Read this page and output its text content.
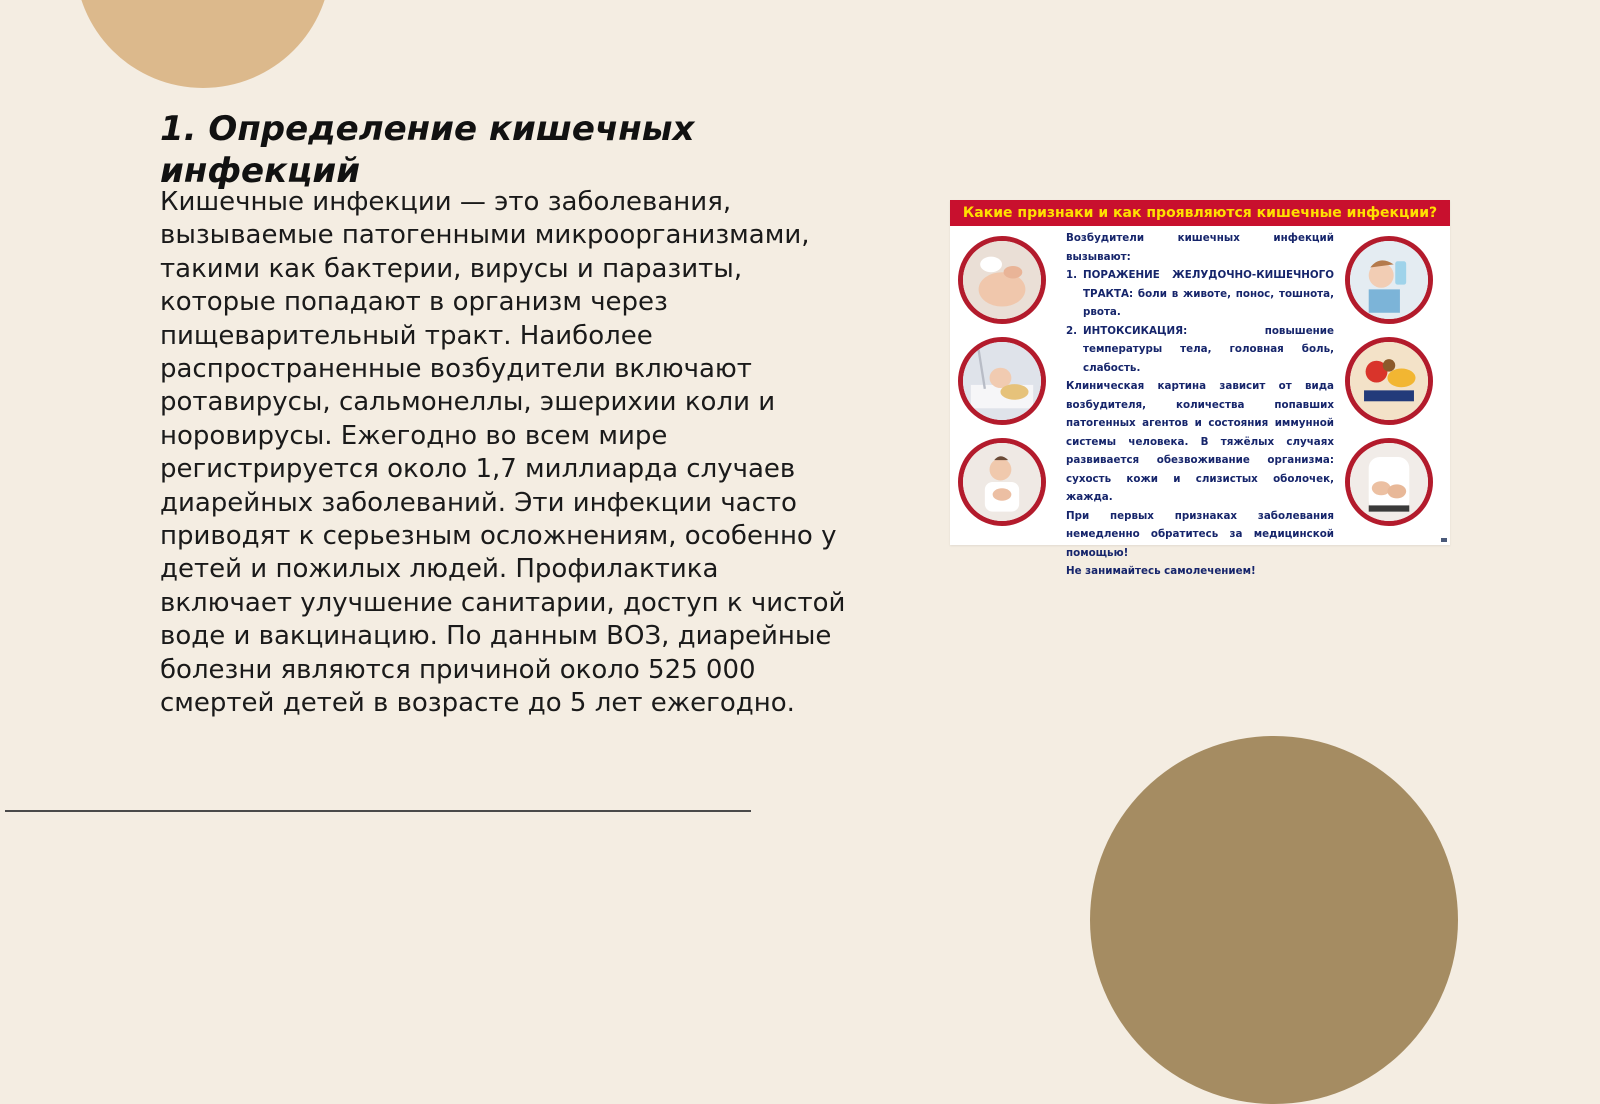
1. Определение кишечных инфекций

Кишечные инфекции — это заболевания, вызываемые патогенными микроорганизмами, такими как бактерии, вирусы и паразиты, которые попадают в организм через пищеварительный тракт. Наиболее распространенные возбудители включают ротавирусы, сальмонеллы, эшерихии коли и норовирусы. Ежегодно во всем мире регистрируется около 1,7 миллиарда случаев диарейных заболеваний. Эти инфекции часто приводят к серьезным осложнениям, особенно у детей и пожилых людей. Профилактика включает улучшение санитарии, доступ к чистой воде и вакцинацию. По данным ВОЗ, диарейные болезни являются причиной около 525 000 смертей детей в возрасте до 5 лет ежегодно.

Какие признаки и как проявляются кишечные инфекции?

Возбудители кишечных инфекций вызывают:

1. ПОРАЖЕНИЕ ЖЕЛУДОЧНО-КИШЕЧНОГО ТРАКТА: боли в животе, понос, тошнота, рвота.

2. ИНТОКСИКАЦИЯ: повышение температуры тела, головная боль, слабость.

Клиническая картина зависит от вида возбудителя, количества попавших патогенных агентов и состояния иммунной системы человека. В тяжёлых случаях развивается обезвоживание организма: сухость кожи и слизистых оболочек, жажда.

При первых признаках заболевания немедленно обратитесь за медицинской помощью!

Не занимайтесь самолечением!
